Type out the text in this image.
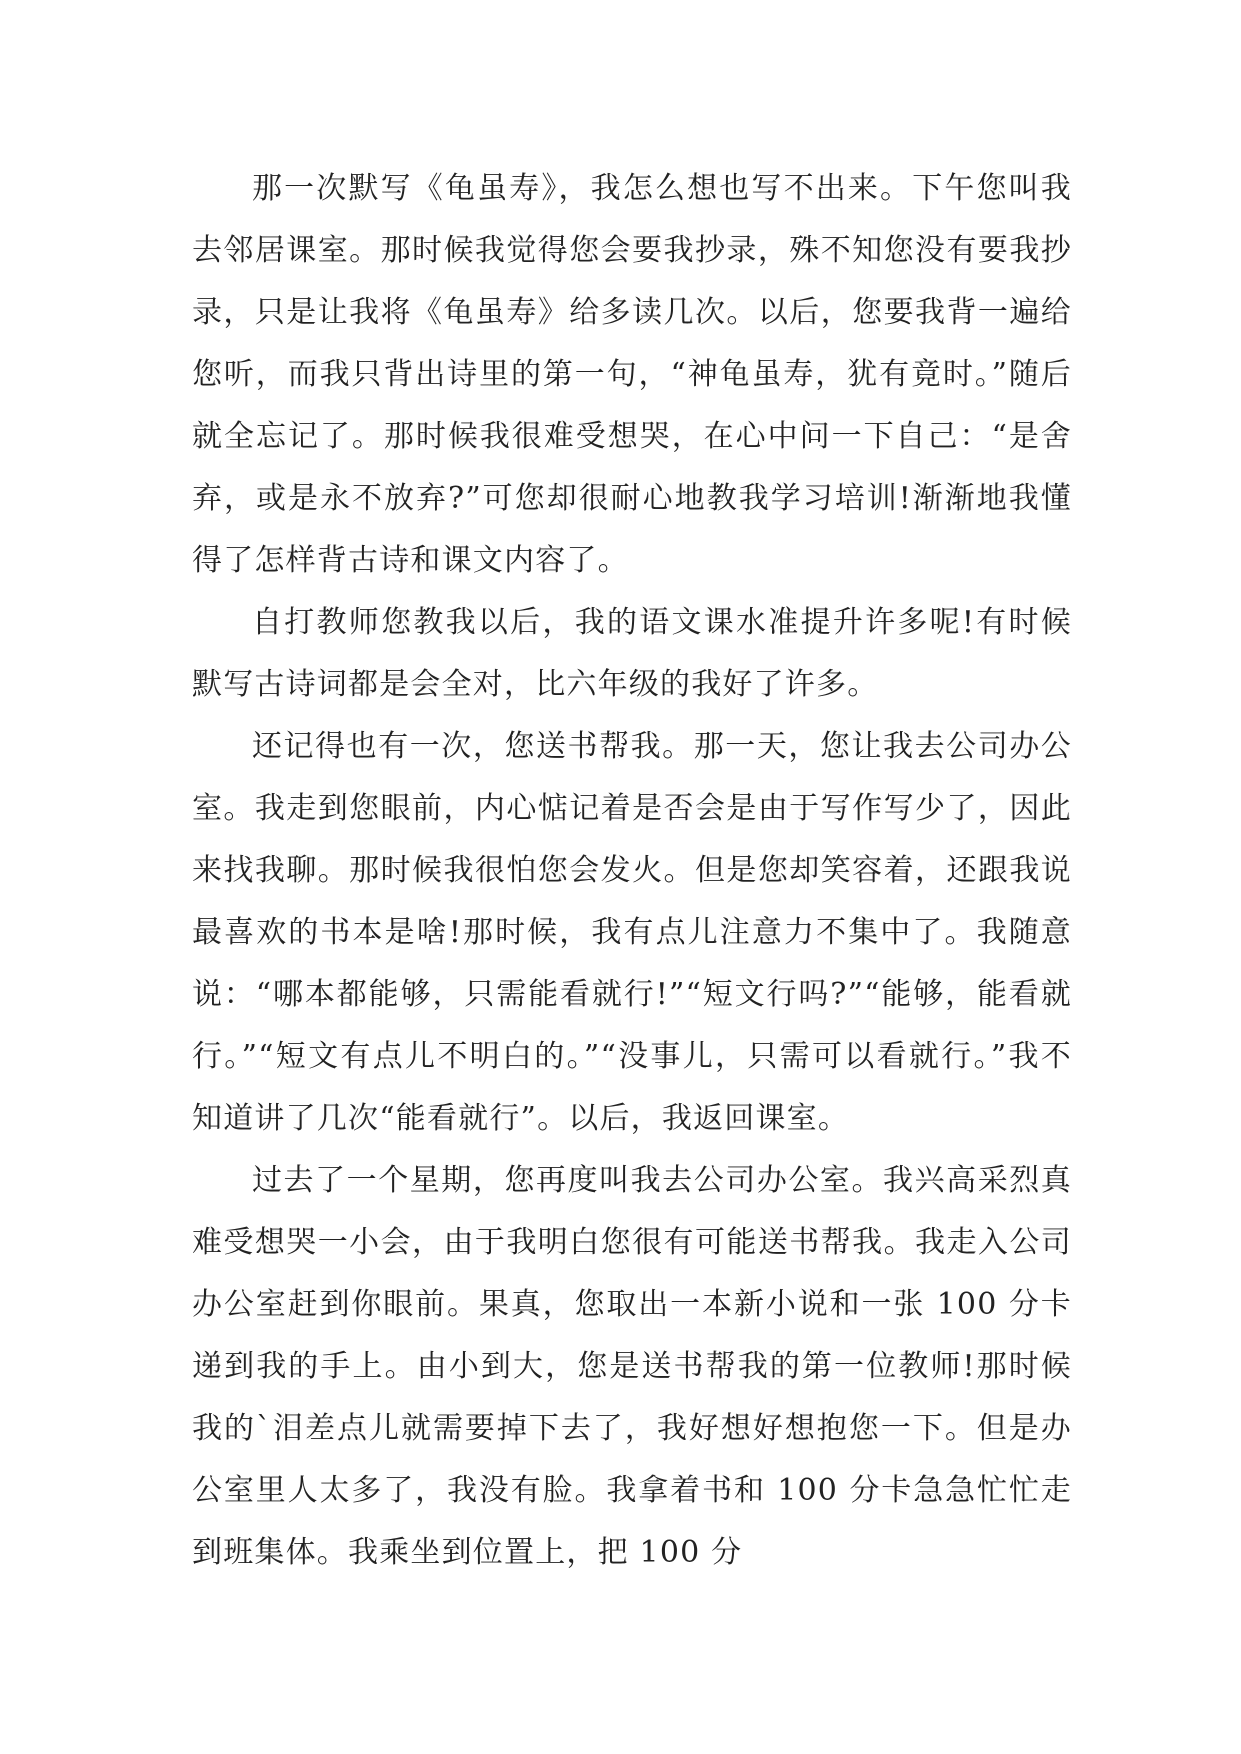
那一次默写《龟虽寿》，我怎么想也写不出来。下午您叫我去邻居课室。那时候我觉得您会要我抄录，殊不知您没有要我抄录，只是让我将《龟虽寿》给多读几次。以后，您要我背一遍给您听，而我只背出诗里的第一句，“神龟虽寿，犹有竟时。”随后就全忘记了。那时候我很难受想哭，在心中问一下自己：“是舍弃，或是永不放弃?”可您却很耐心地教我学习培训!渐渐地我懂得了怎样背古诗和课文内容了。

自打教师您教我以后，我的语文课水准提升许多呢!有时候默写古诗词都是会全对，比六年级的我好了许多。

还记得也有一次，您送书帮我。那一天，您让我去公司办公室。我走到您眼前，内心惦记着是否会是由于写作写少了，因此来找我聊。那时候我很怕您会发火。但是您却笑容着，还跟我说最喜欢的书本是啥!那时候，我有点儿注意力不集中了。我随意说：“哪本都能够，只需能看就行!”“短文行吗?”“能够，能看就行。”“短文有点儿不明白的。”“没事儿，只需可以看就行。”我不知道讲了几次“能看就行”。以后，我返回课室。

过去了一个星期，您再度叫我去公司办公室。我兴高采烈真难受想哭一小会，由于我明白您很有可能送书帮我。我走入公司办公室赶到你眼前。果真，您取出一本新小说和一张 100 分卡递到我的手上。由小到大，您是送书帮我的第一位教师!那时候我的`泪差点儿就需要掉下去了，我好想好想抱您一下。但是办公室里人太多了，我没有脸。我拿着书和 100 分卡急急忙忙走到班集体。我乘坐到位置上，把 100 分
